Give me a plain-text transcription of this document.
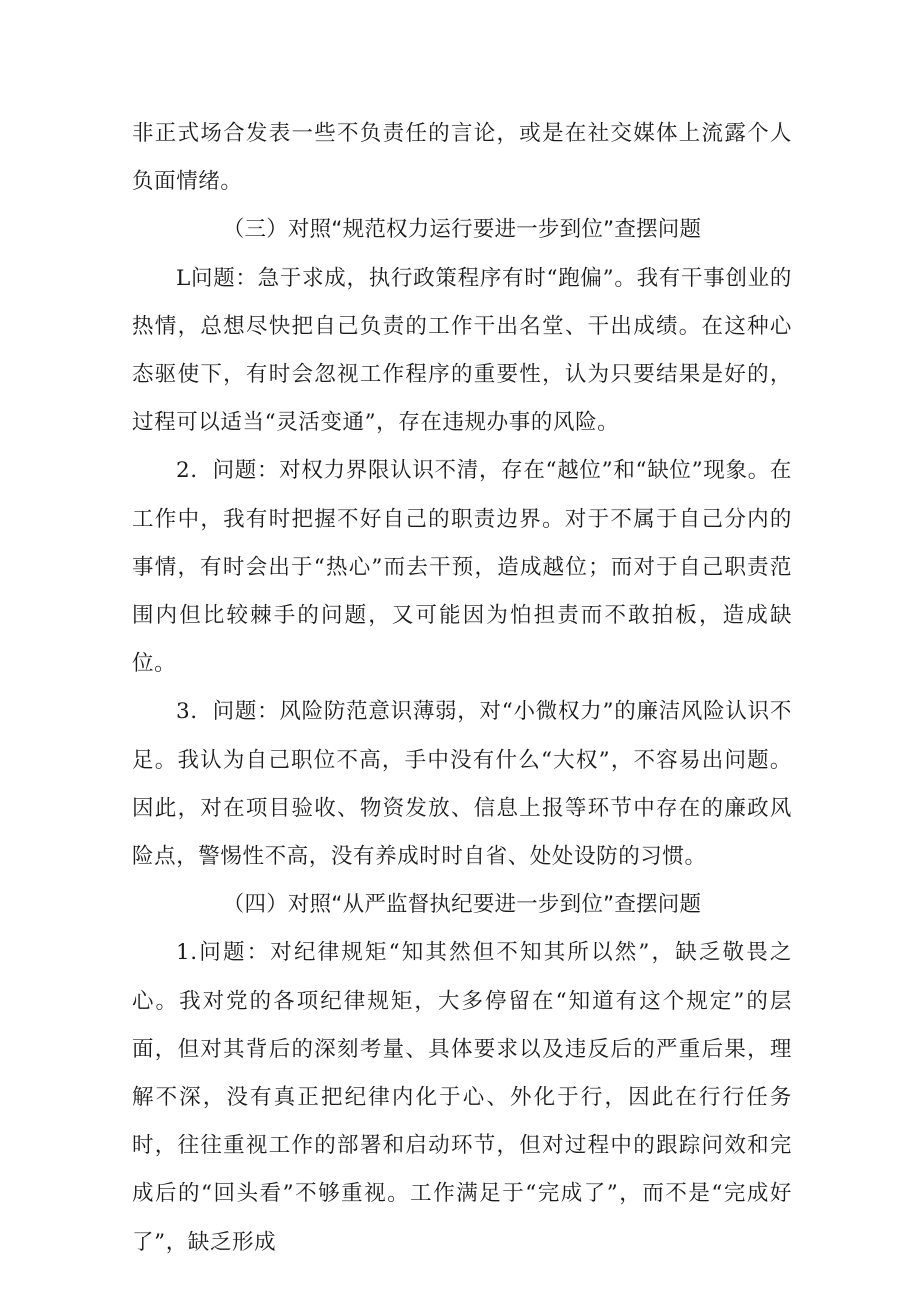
非正式场合发表一些不负责任的言论，或是在社交媒体上流露个人负面情绪。

（三）对照“规范权力运行要进一步到位”查摆问题

L问题：急于求成，执行政策程序有时“跑偏”。我有干事创业的热情，总想尽快把自己负责的工作干出名堂、干出成绩。在这种心态驱使下，有时会忽视工作程序的重要性，认为只要结果是好的，过程可以适当“灵活变通”，存在违规办事的风险。

2．问题：对权力界限认识不清，存在“越位”和“缺位”现象。在工作中，我有时把握不好自己的职责边界。对于不属于自己分内的事情，有时会出于“热心”而去干预，造成越位；而对于自己职责范围内但比较棘手的问题，又可能因为怕担责而不敢拍板，造成缺位。

3．问题：风险防范意识薄弱，对“小微权力”的廉洁风险认识不足。我认为自己职位不高，手中没有什么“大权”，不容易出问题。因此，对在项目验收、物资发放、信息上报等环节中存在的廉政风险点，警惕性不高，没有养成时时自省、处处设防的习惯。

（四）对照“从严监督执纪要进一步到位”查摆问题

1.问题：对纪律规矩“知其然但不知其所以然”，缺乏敬畏之心。我对党的各项纪律规矩，大多停留在“知道有这个规定”的层面，但对其背后的深刻考量、具体要求以及违反后的严重后果，理解不深，没有真正把纪律内化于心、外化于行，因此在行行任务时，往往重视工作的部署和启动环节，但对过程中的跟踪问效和完成后的“回头看”不够重视。工作满足于“完成了”，而不是“完成好了”，缺乏形成
